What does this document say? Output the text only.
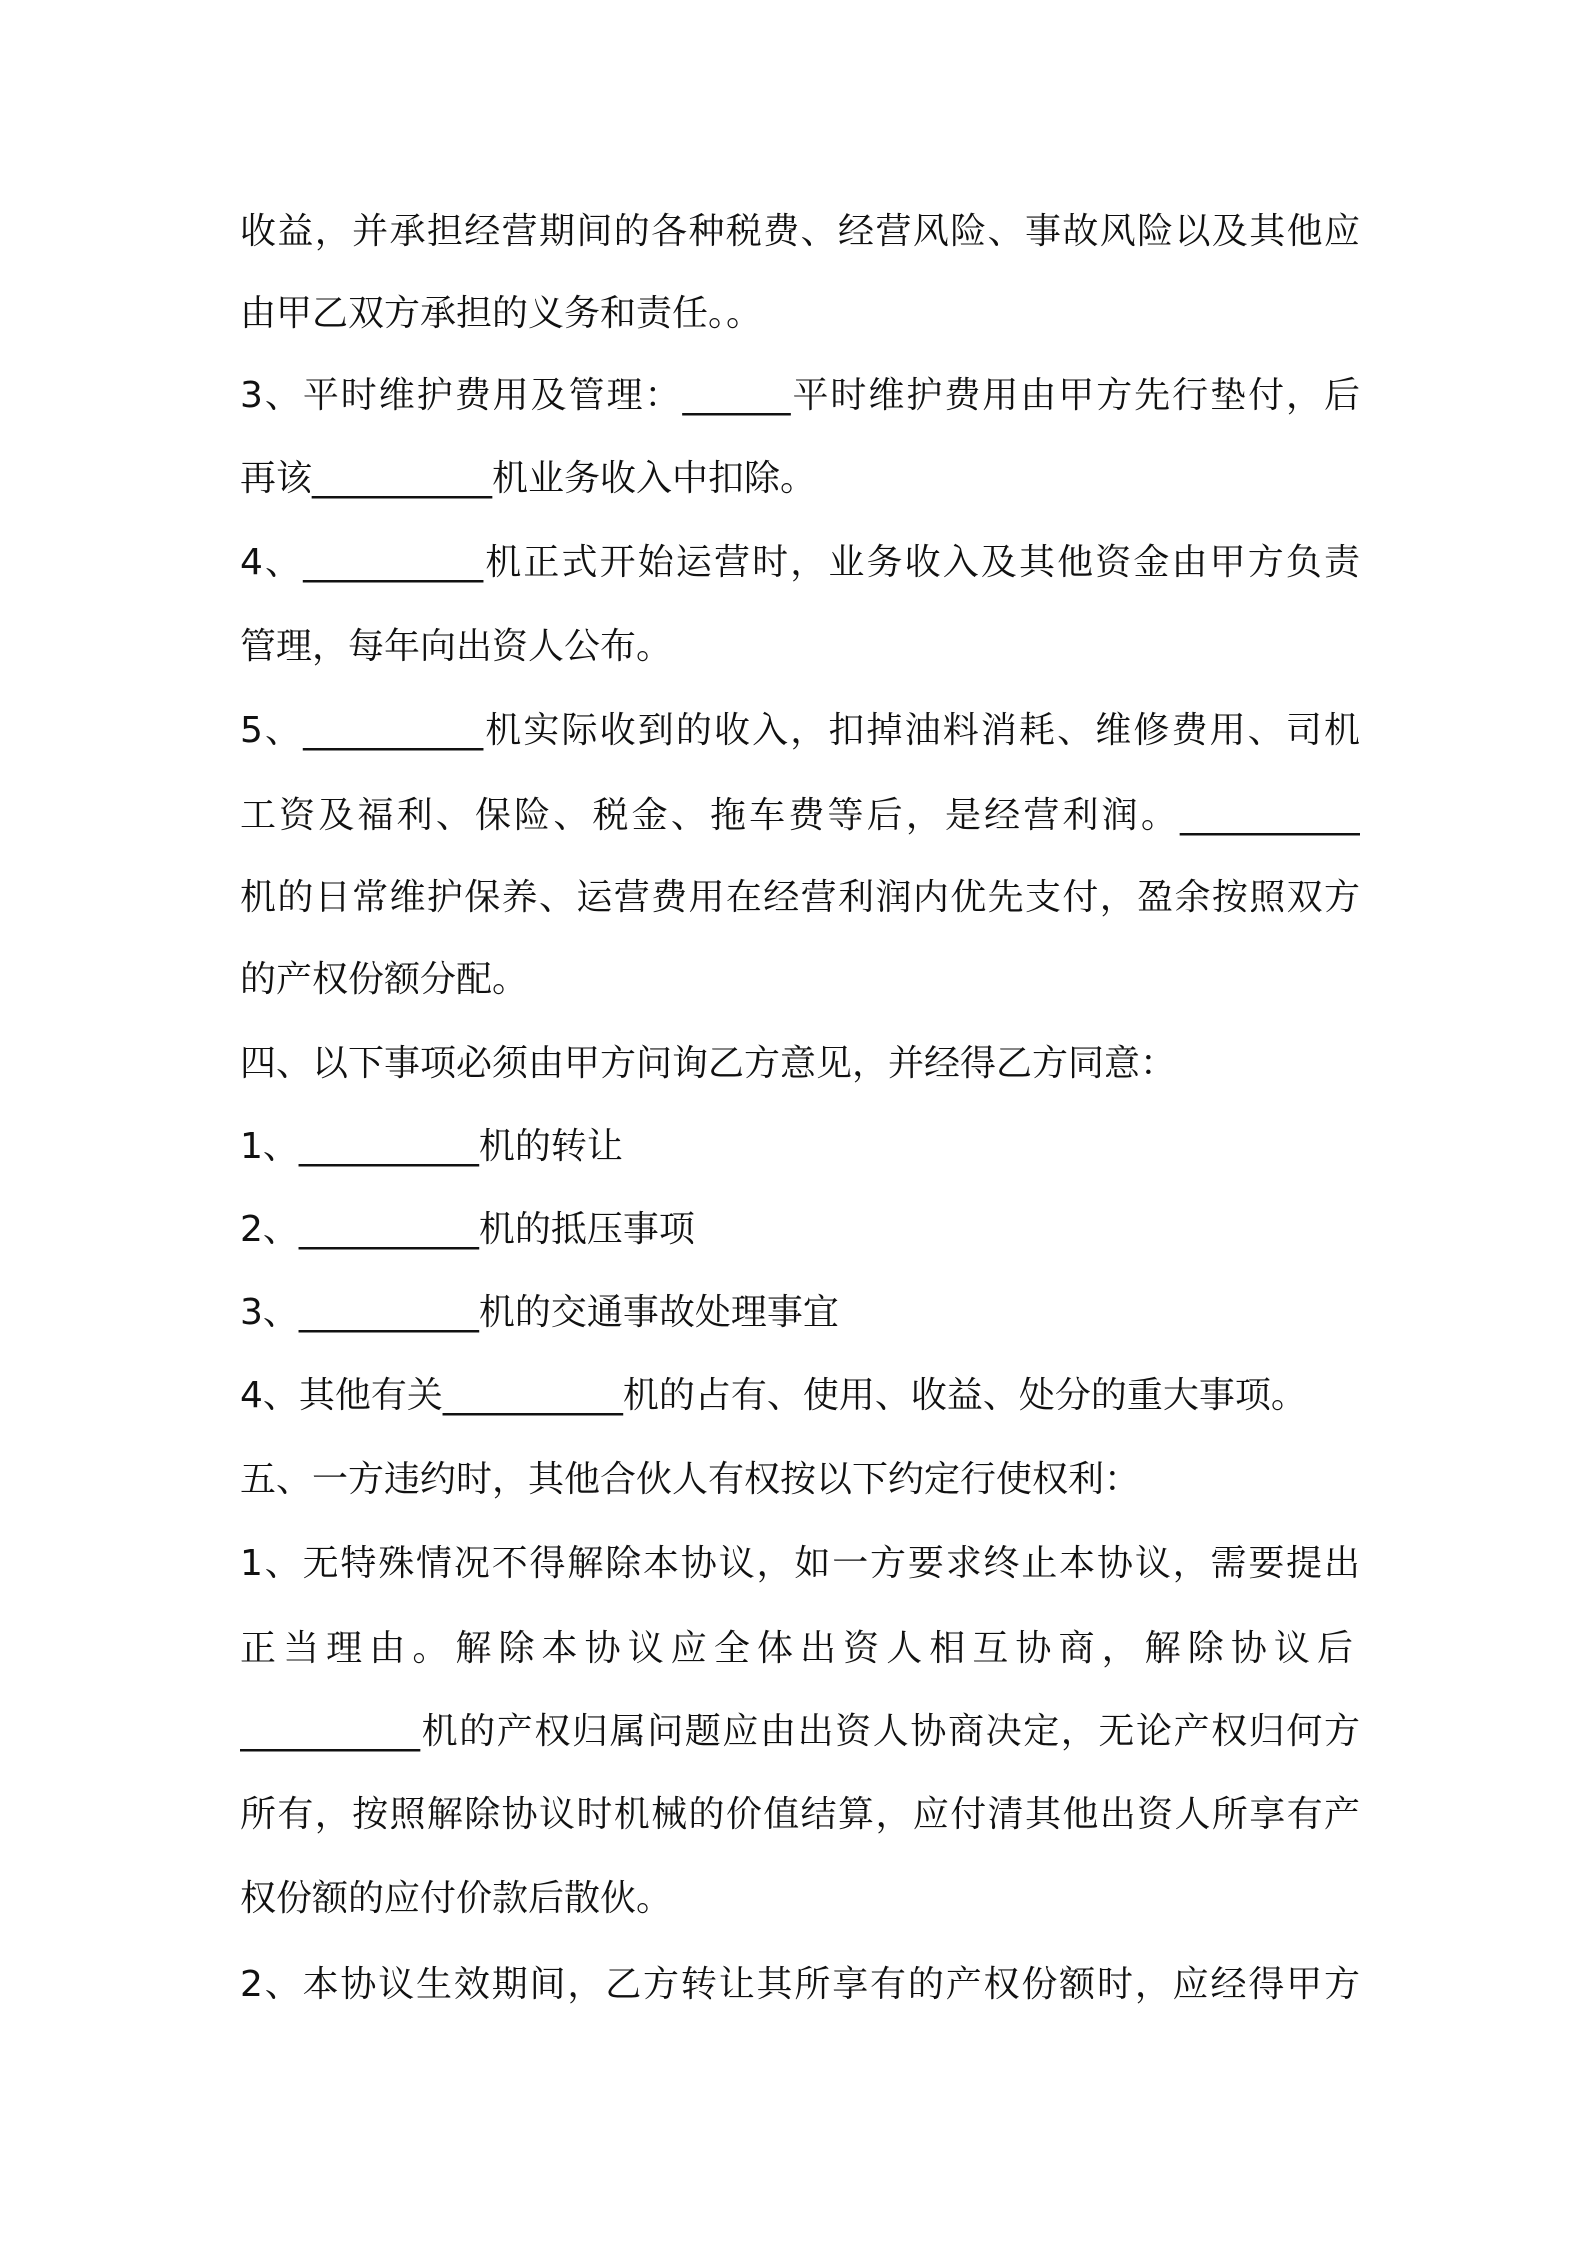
收益，并承担经营期间的各种税费、经营风险、事故风险以及其他应
由甲乙双方承担的义务和责任。。
3、平时维护费用及管理：______平时维护费用由甲方先行垫付，后
再该__________机业务收入中扣除。
4、__________机正式开始运营时，业务收入及其他资金由甲方负责
管理，每年向出资人公布。
5、__________机实际收到的收入，扣掉油料消耗、维修费用、司机
工资及福利、保险、税金、拖车费等后，是经营利润。__________
机的日常维护保养、运营费用在经营利润内优先支付，盈余按照双方
的产权份额分配。
四、以下事项必须由甲方问询乙方意见，并经得乙方同意：
1、__________机的转让
2、__________机的抵压事项
3、__________机的交通事故处理事宜
4、其他有关__________机的占有、使用、收益、处分的重大事项。
五、一方违约时，其他合伙人有权按以下约定行使权利：
1、无特殊情况不得解除本协议，如一方要求终止本协议，需要提出
正当理由。解除本协议应全体出资人相互协商，解除协议后
__________机的产权归属问题应由出资人协商决定，无论产权归何方
所有，按照解除协议时机械的价值结算，应付清其他出资人所享有产
权份额的应付价款后散伙。
2、本协议生效期间，乙方转让其所享有的产权份额时，应经得甲方
